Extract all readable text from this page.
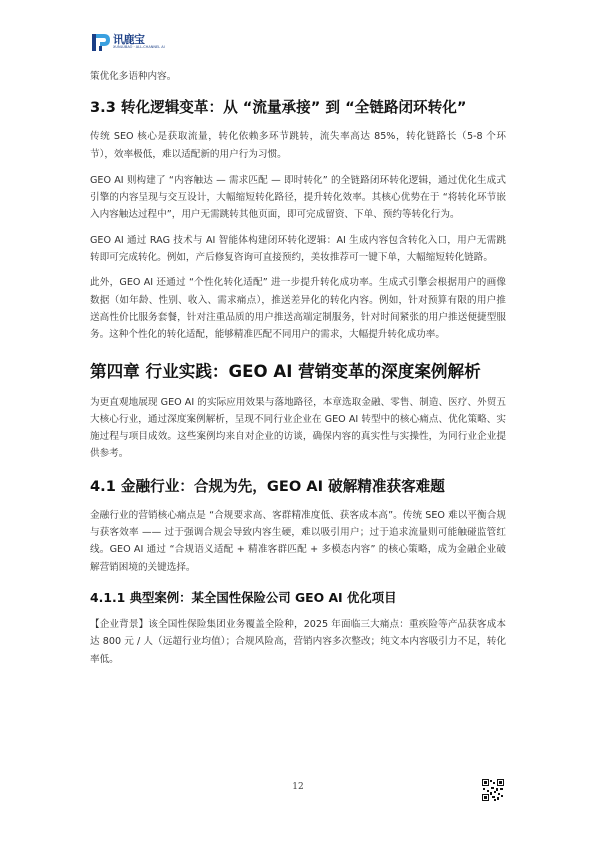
讯鹿宝
XUNLUBAO · ALL-CHANNEL AI

策优化多语种内容。

3.3 转化逻辑变革：从 “流量承接” 到 “全链路闭环转化”

传统 SEO 核心是获取流量，转化依赖多环节跳转，流失率高达 85%，转化链路长（5-8 个环节），效率极低，难以适配新的用户行为习惯。

GEO AI 则构建了 “内容触达 — 需求匹配 — 即时转化” 的全链路闭环转化逻辑，通过优化生成式引擎的内容呈现与交互设计，大幅缩短转化路径，提升转化效率。其核心优势在于 “将转化环节嵌入内容触达过程中”，用户无需跳转其他页面，即可完成留资、下单、预约等转化行为。

GEO AI 通过 RAG 技术与 AI 智能体构建闭环转化逻辑：AI 生成内容包含转化入口，用户无需跳转即可完成转化。例如，产后修复咨询可直接预约，美妆推荐可一键下单，大幅缩短转化链路。

此外，GEO AI 还通过 “个性化转化适配” 进一步提升转化成功率。生成式引擎会根据用户的画像数据（如年龄、性别、收入、需求痛点），推送差异化的转化内容。例如，针对预算有限的用户推送高性价比服务套餐，针对注重品质的用户推送高端定制服务，针对时间紧张的用户推送便捷型服务。这种个性化的转化适配，能够精准匹配不同用户的需求，大幅提升转化成功率。

第四章 行业实践：GEO AI 营销变革的深度案例解析

为更直观地展现 GEO AI 的实际应用效果与落地路径，本章选取金融、零售、制造、医疗、外贸五大核心行业，通过深度案例解析，呈现不同行业企业在 GEO AI 转型中的核心痛点、优化策略、实施过程与项目成效。这些案例均来自对企业的访谈，确保内容的真实性与实操性，为同行业企业提供参考。

4.1 金融行业：合规为先，GEO AI 破解精准获客难题

金融行业的营销核心痛点是 “合规要求高、客群精准度低、获客成本高”。传统 SEO 难以平衡合规与获客效率 —— 过于强调合规会导致内容生硬，难以吸引用户；过于追求流量则可能触碰监管红线。GEO AI 通过 “合规语义适配 + 精准客群匹配 + 多模态内容” 的核心策略，成为金融企业破解营销困境的关键选择。

4.1.1 典型案例：某全国性保险公司 GEO AI 优化项目

【企业背景】该全国性保险集团业务覆盖全险种，2025 年面临三大痛点：重疾险等产品获客成本达 800 元 / 人（远超行业均值）；合规风险高，营销内容多次整改；纯文本内容吸引力不足，转化率低。

12
